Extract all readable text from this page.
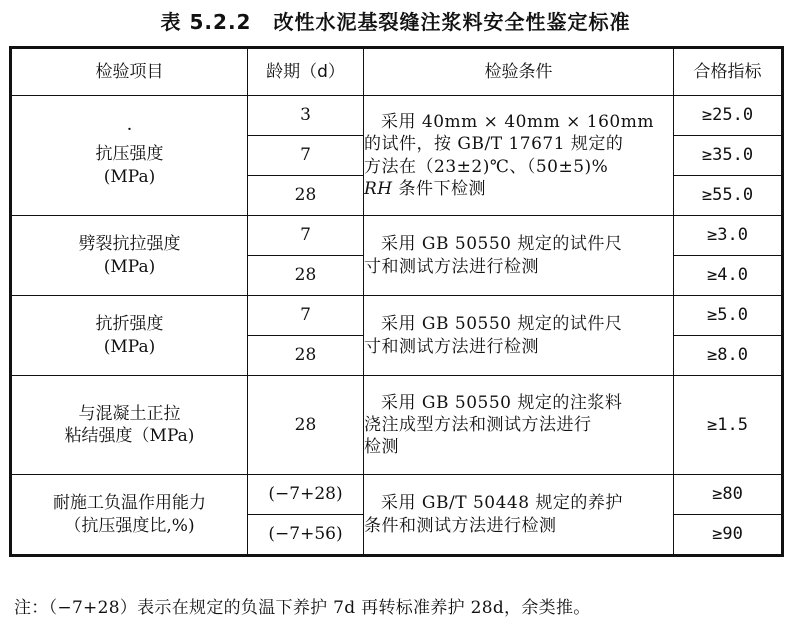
表 5.2.2 改性水泥基裂缝注浆料安全性鉴定标准
检验项目	龄期（d）	检验条件	合格指标

·
抗压强度
(MPa)	3	采用 40mm × 40mm × 160mm
的试件，按 GB/T 17671 规定的
方法在（23±2)℃、（50±5)%
RH 条件下检测	≥25.0
	7		≥35.0
	28		≥55.0

劈裂抗拉强度
(MPa)	7	采用 GB 50550 规定的试件尺
寸和测试方法进行检测	≥3.0
	28		≥4.0

抗折强度
(MPa)	7	采用 GB 50550 规定的试件尺
寸和测试方法进行检测	≥5.0
	28		≥8.0

与混凝土正拉
粘结强度（MPa)	28	采用 GB 50550 规定的注浆料
浇注成型方法和测试方法进行
检测	≥1.5

耐施工负温作用能力
（抗压强度比,%)	(−7+28)	采用 GB/T 50448 规定的养护
条件和测试方法进行检测	≥80
	(−7+56)		≥90
注：（−7+28）表示在规定的负温下养护 7d 再转标准养护 28d，余类推。
